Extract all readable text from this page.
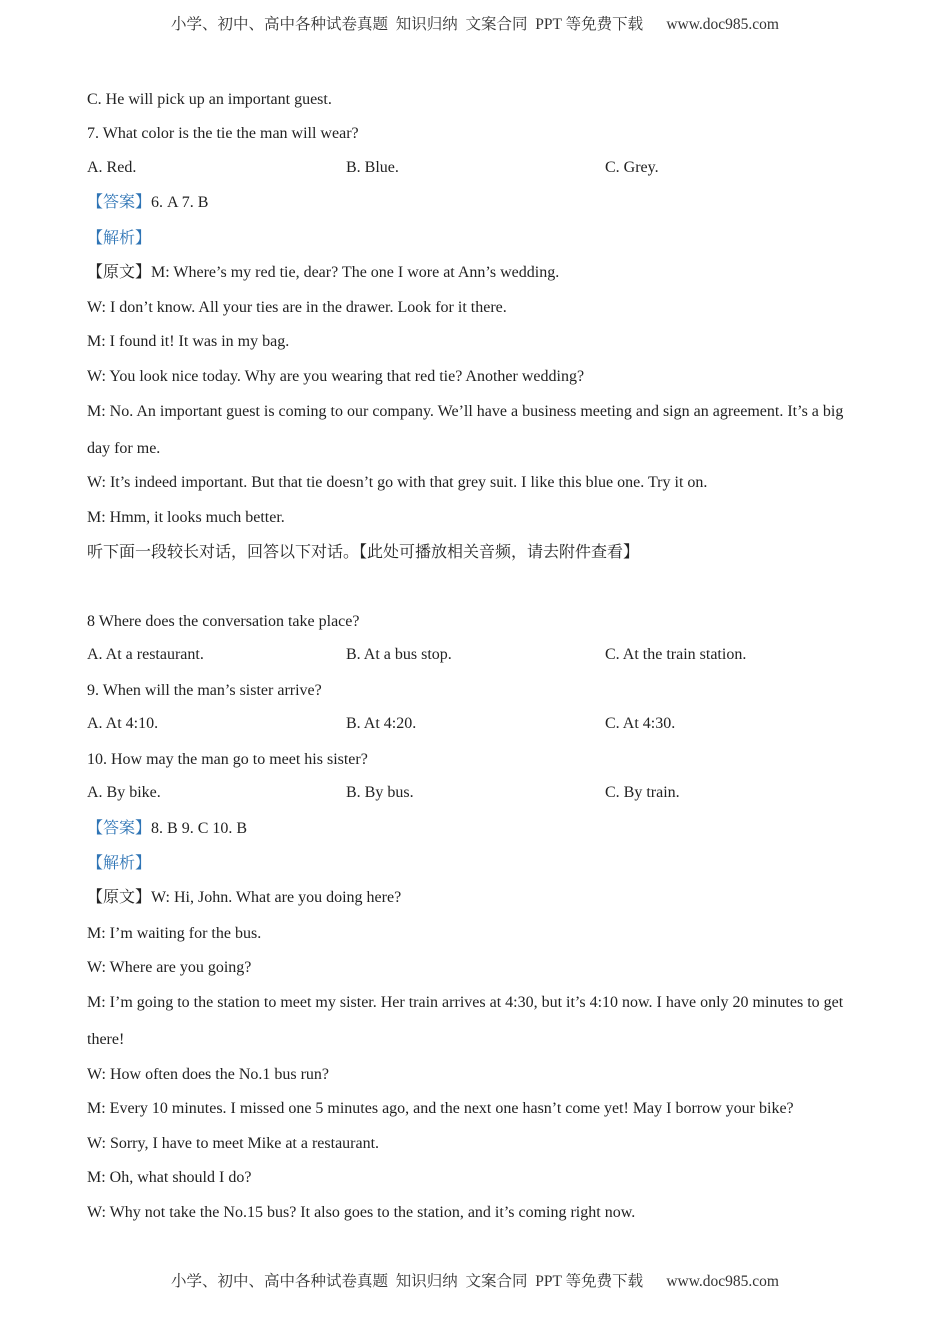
小学、初中、高中各种试卷真题  知识归纳  文案合同  PPT 等免费下载      www.doc985.com
C. He will pick up an important guest.
7. What color is the tie the man will wear?
A. Red.	B. Blue.	C. Grey.
【答案】6. A 7. B
【解析】
【原文】M: Where’s my red tie, dear? The one I wore at Ann’s wedding.
W: I don’t know. All your ties are in the drawer. Look for it there.
M: I found it! It was in my bag.
W: You look nice today. Why are you wearing that red tie? Another wedding?
M: No. An important guest is coming to our company. We’ll have a business meeting and sign an agreement. It’s a big
day for me.
W: It’s indeed important. But that tie doesn’t go with that grey suit. I like this blue one. Try it on.
M: Hmm, it looks much better.
听下面一段较长对话，回答以下对话。【此处可播放相关音频，请去附件查看】
8 Where does the conversation take place?
A. At a restaurant.	B. At a bus stop.	C. At the train station.
9. When will the man’s sister arrive?
A. At 4:10.	B. At 4:20.	C. At 4:30.
10. How may the man go to meet his sister?
A. By bike.	B. By bus.	C. By train.
【答案】8. B 9. C 10. B
【解析】
【原文】W: Hi, John. What are you doing here?
M: I’m waiting for the bus.
W: Where are you going?
M: I’m going to the station to meet my sister. Her train arrives at 4:30, but it’s 4:10 now. I have only 20 minutes to get
there!
W: How often does the No.1 bus run?
M: Every 10 minutes. I missed one 5 minutes ago, and the next one hasn’t come yet! May I borrow your bike?
W: Sorry, I have to meet Mike at a restaurant.
M: Oh, what should I do?
W: Why not take the No.15 bus? It also goes to the station, and it’s coming right now.
小学、初中、高中各种试卷真题  知识归纳  文案合同  PPT 等免费下载      www.doc985.com
